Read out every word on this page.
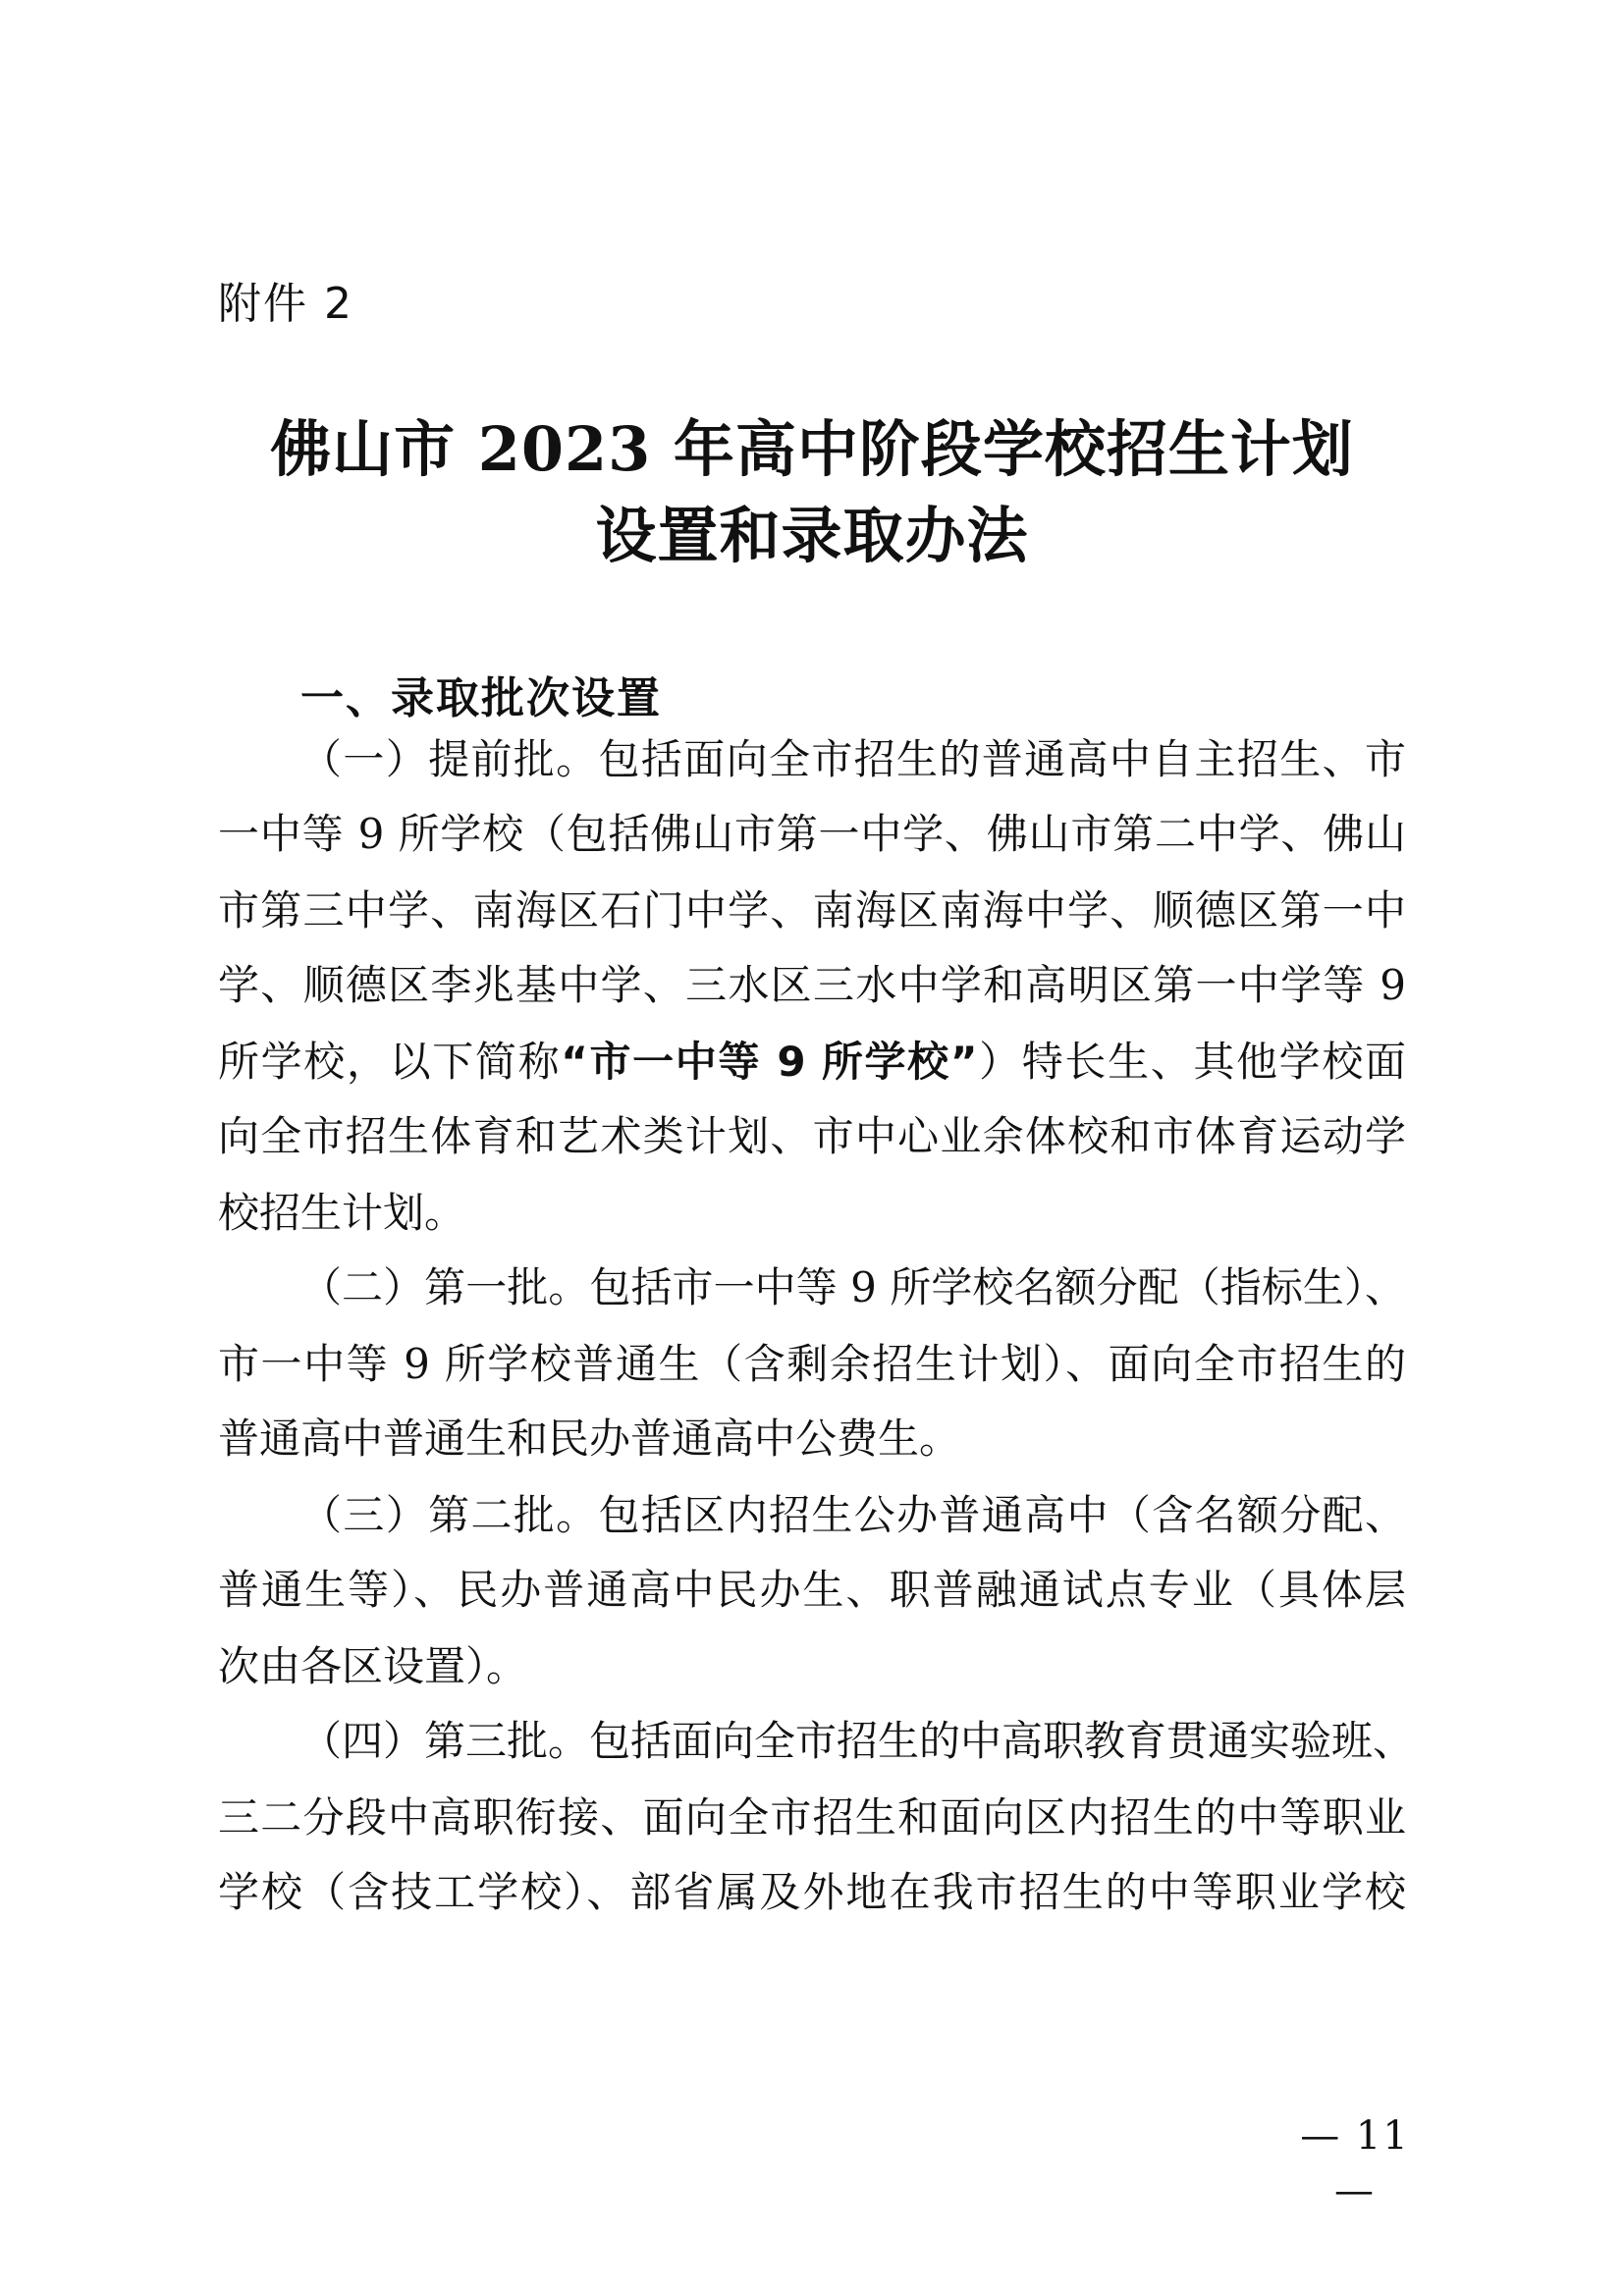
附件 2
佛山市 2023 年高中阶段学校招生计划
设置和录取办法
一、录取批次设置
（一）提前批。包括面向全市招生的普通高中自主招生、市
一中等 9 所学校（包括佛山市第一中学、佛山市第二中学、佛山
市第三中学、南海区石门中学、南海区南海中学、顺德区第一中
学、顺德区李兆基中学、三水区三水中学和高明区第一中学等 9
所学校，以下简称“市一中等 9 所学校”）特长生、其他学校面
向全市招生体育和艺术类计划、市中心业余体校和市体育运动学
校招生计划。
（二）第一批。包括市一中等 9 所学校名额分配（指标生）、
市一中等 9 所学校普通生（含剩余招生计划）、面向全市招生的
普通高中普通生和民办普通高中公费生。
（三）第二批。包括区内招生公办普通高中（含名额分配、
普通生等）、民办普通高中民办生、职普融通试点专业（具体层
次由各区设置）。
（四）第三批。包括面向全市招生的中高职教育贯通实验班、
三二分段中高职衔接、面向全市招生和面向区内招生的中等职业
学校（含技工学校）、部省属及外地在我市招生的中等职业学校
— 11 —
